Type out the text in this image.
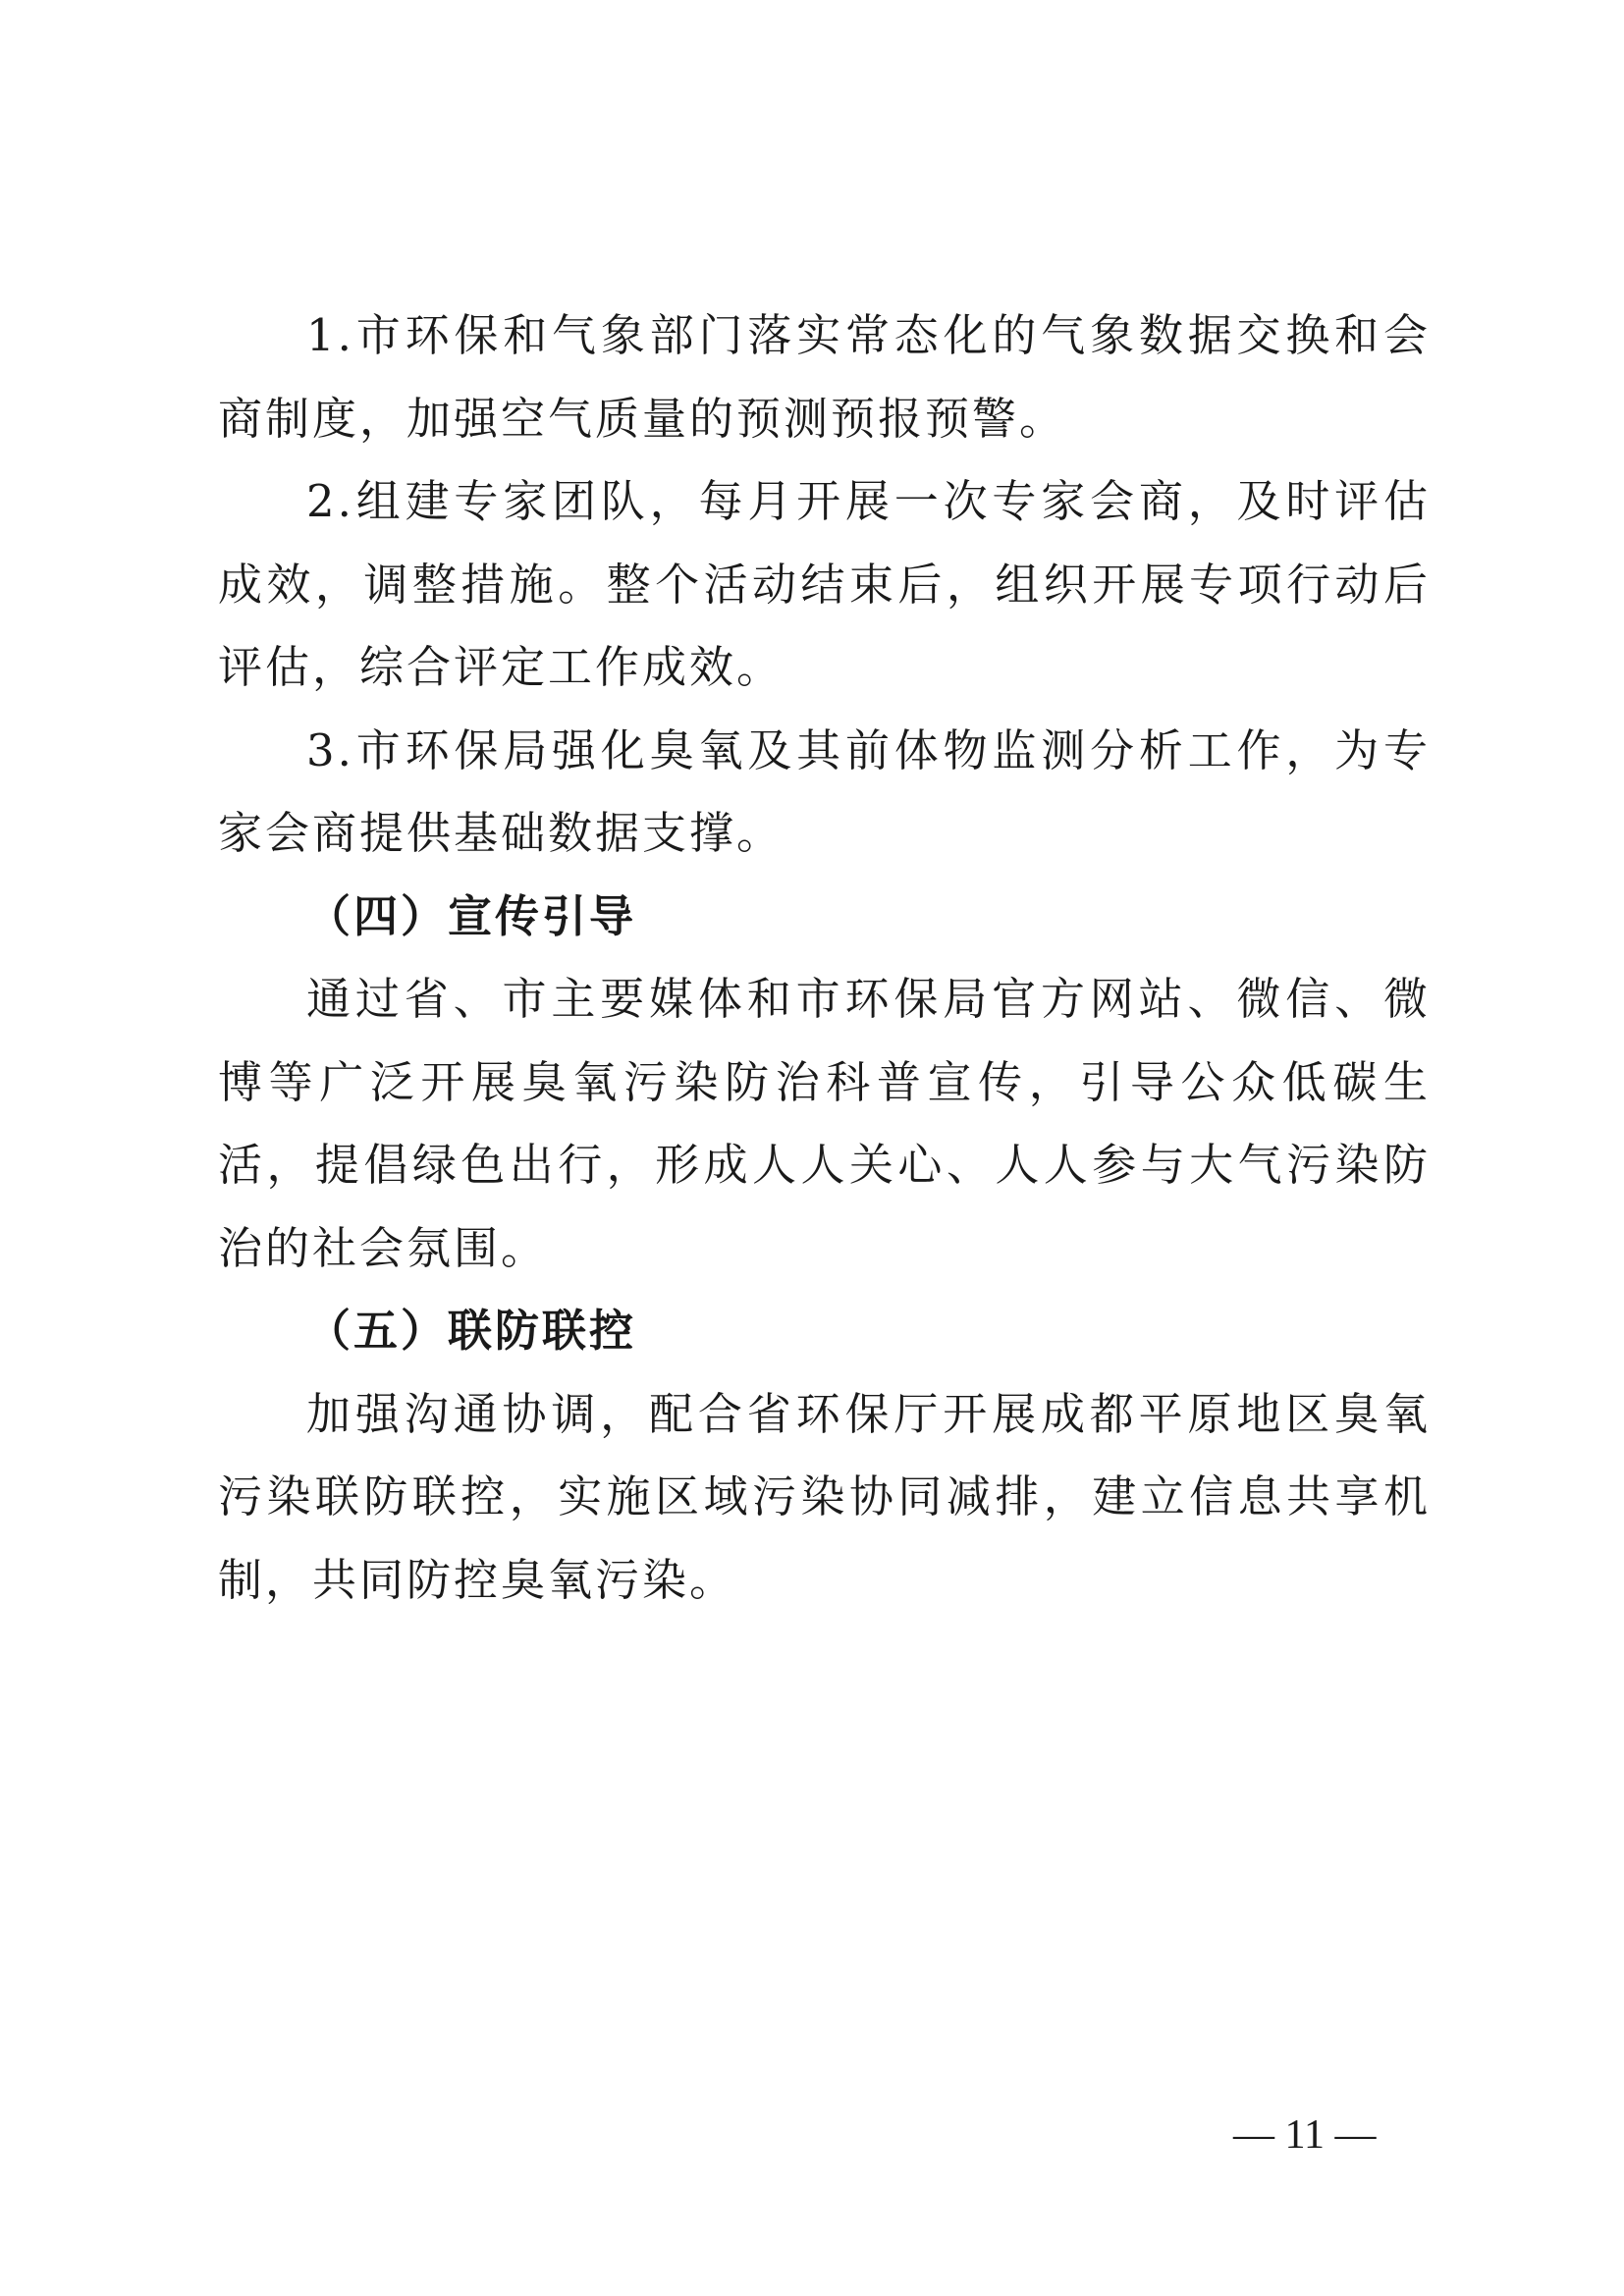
1.市环保和气象部门落实常态化的气象数据交换和会商制度，加强空气质量的预测预报预警。

2.组建专家团队，每月开展一次专家会商，及时评估成效，调整措施。整个活动结束后，组织开展专项行动后评估，综合评定工作成效。

3.市环保局强化臭氧及其前体物监测分析工作，为专家会商提供基础数据支撑。

（四）宣传引导

通过省、市主要媒体和市环保局官方网站、微信、微博等广泛开展臭氧污染防治科普宣传，引导公众低碳生活，提倡绿色出行，形成人人关心、人人参与大气污染防治的社会氛围。

（五）联防联控

加强沟通协调，配合省环保厅开展成都平原地区臭氧污染联防联控，实施区域污染协同减排，建立信息共享机制，共同防控臭氧污染。

— 11 —
